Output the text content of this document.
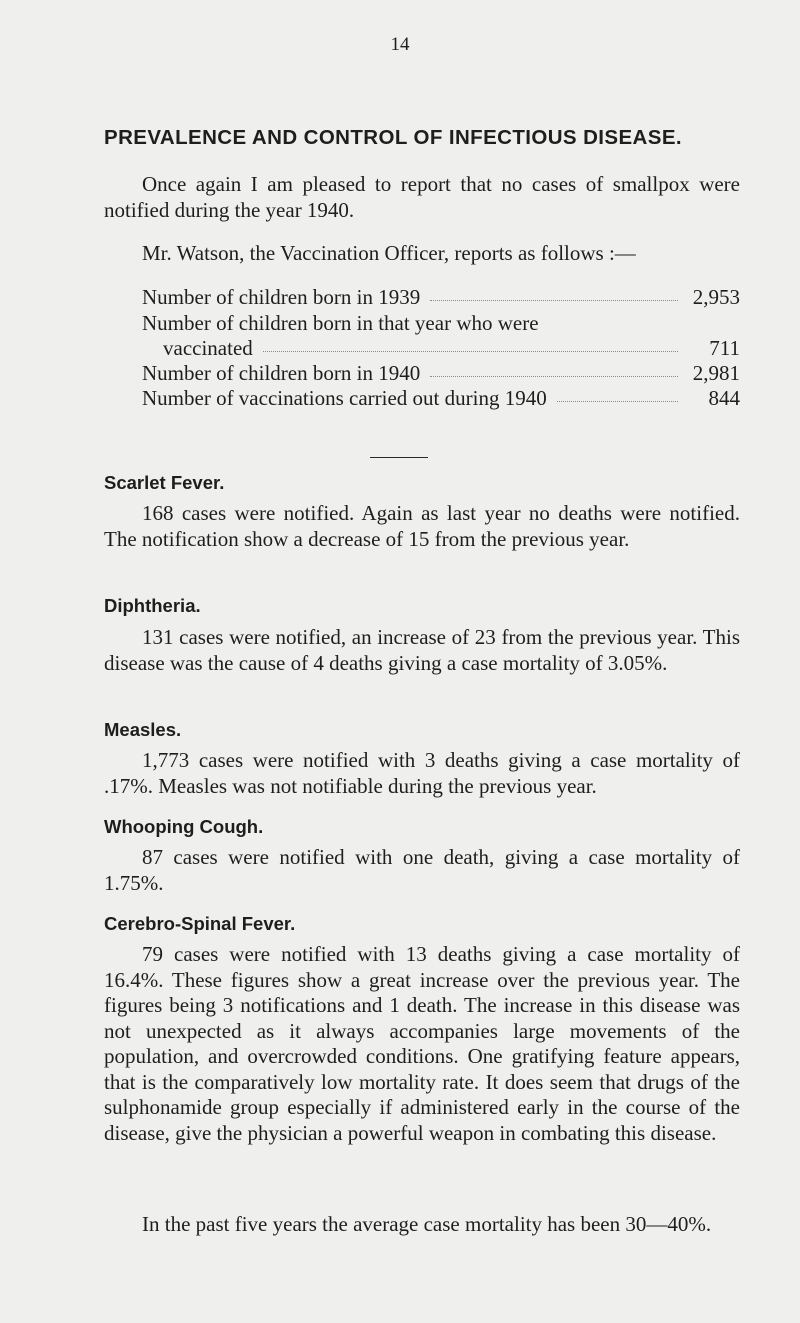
14
PREVALENCE AND CONTROL OF INFECTIOUS DISEASE.
Once again I am pleased to report that no cases of smallpox were notified during the year 1940.
Mr. Watson, the Vaccination Officer, reports as follows :—
Number of children born in 1939	2,953
Number of children born in that year who were
vaccinated	711
Number of children born in 1940	2,981
Number of vaccinations carried out during 1940	844
Scarlet Fever.
168 cases were notified. Again as last year no deaths were notified. The notification show a decrease of 15 from the previous year.
Diphtheria.
131 cases were notified, an increase of 23 from the previous year. This disease was the cause of 4 deaths giving a case mortality of 3.05%.
Measles.
1,773 cases were notified with 3 deaths giving a case mortality of .17%. Measles was not notifiable during the previous year.
Whooping Cough.
87 cases were notified with one death, giving a case mortality of 1.75%.
Cerebro-Spinal Fever.
79 cases were notified with 13 deaths giving a case mortality of 16.4%. These figures show a great increase over the previous year. The figures being 3 notifications and 1 death. The increase in this disease was not unexpected as it always accompanies large movements of the population, and overcrowded conditions. One gratifying feature appears, that is the comparatively low mortality rate. It does seem that drugs of the sulphonamide group especially if administered early in the course of the disease, give the physician a powerful weapon in combating this disease.
In the past five years the average case mortality has been 30—40%.
